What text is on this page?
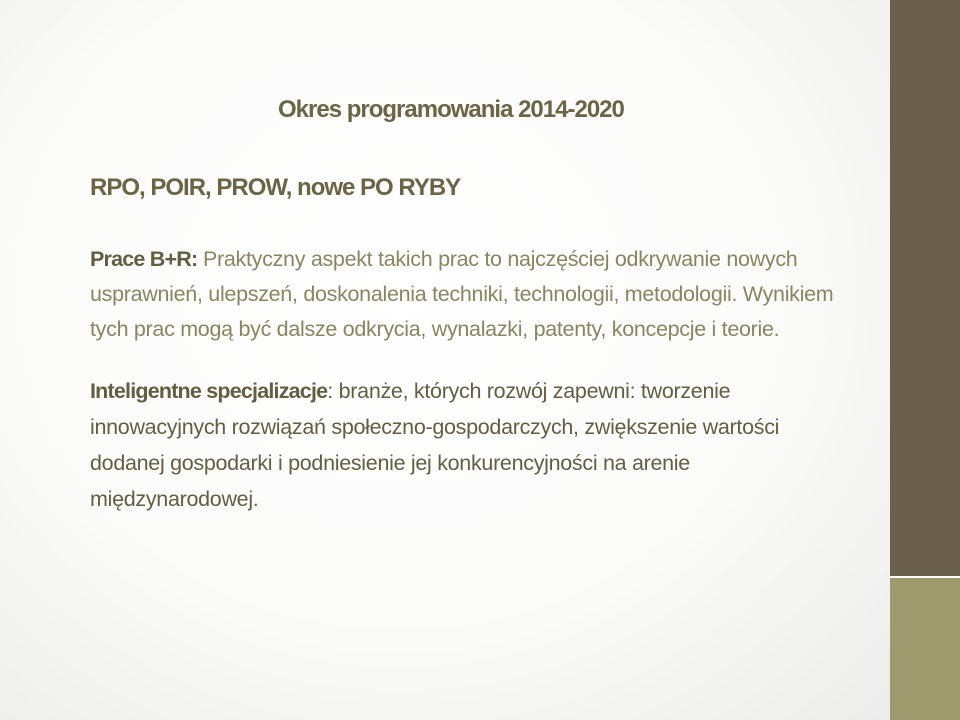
Okres programowania 2014-2020
RPO, POIR, PROW, nowe PO RYBY

Prace B+R: Praktyczny aspekt takich prac to najczęściej odkrywanie nowych usprawnień, ulepszeń, doskonalenia techniki, technologii, metodologii. Wynikiem tych prac mogą być dalsze odkrycia, wynalazki, patenty, koncepcje i teorie.

Inteligentne specjalizacje: branże, których rozwój zapewni: tworzenie innowacyjnych rozwiązań społeczno-gospodarczych, zwiększenie wartości dodanej gospodarki i podniesienie jej konkurencyjności na arenie międzynarodowej.
